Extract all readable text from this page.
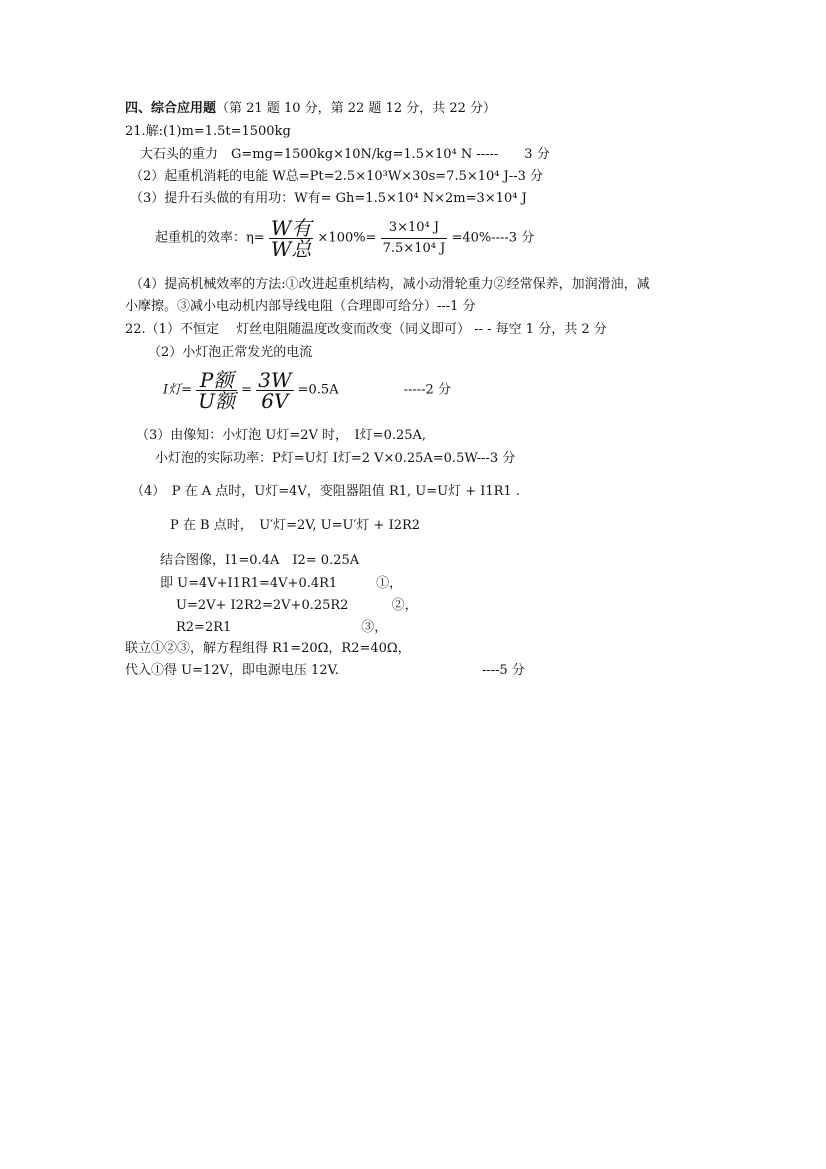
四、综合应用题（第 21 题 10 分，第 22 题 12 分，共 22 分）
21.解:(1)m=1.5t=1500kg
大石头的重力　G=mg=1500kg×10N/kg=1.5×10⁴ N -----　　3 分
（2）起重机消耗的电能 W总=Pt=2.5×10³W×30s=7.5×10⁴ J--3 分
（3）提升石头做的有用功：W有= Gh=1.5×10⁴ N×2m=3×10⁴ J
起重机的效率：$\eta= \frac{\text{W有}}{\text{W总}} \times 100\%= \frac{\text{3×10⁴ J}}{\text{7.5×10⁴ J}} =40\%----3$ 分
（4）提高机械效率的方法:①改进起重机结构，减小动滑轮重力②经常保养，加润滑油，减
小摩擦。③减小电动机内部导线电阻（合理即可给分）---1 分
22.（1）不恒定　 灯丝电阻随温度改变而改变（同义即可） -- - 每空 1 分，共 2 分
（2）小灯泡正常发光的电流
I灯= $\frac{\text{P额}}{\text{U额}} = \frac{3W}{6V} =0.5A$　　　　　-----2 分
（3）由像知：小灯泡 U灯=2V 时，　I灯=0.25A,
小灯泡的实际功率：P灯=U灯 I灯=2 V×0.25A=0.5W---3 分
（4）　P 在 A 点时，U灯=4V，变阻器阻值 R1, U=U灯 + I1R1 .
P 在 B 点时，　U′灯=2V, U=U′灯 + I2R2
结合图像，I1=0.4A　I2= 0.25A
即 U=4V+I1R1=4V+0.4R1　　　①，
U=2V+ I2R2=2V+0.25R2　　　 ②，
R2=2R1　　　　　　　　　　③，
联立①②③，解方程组得 R1=20Ω，R2=40Ω，
代入①得 U=12V，即电源电压 12V.　　　　　　　　　　　----5 分
